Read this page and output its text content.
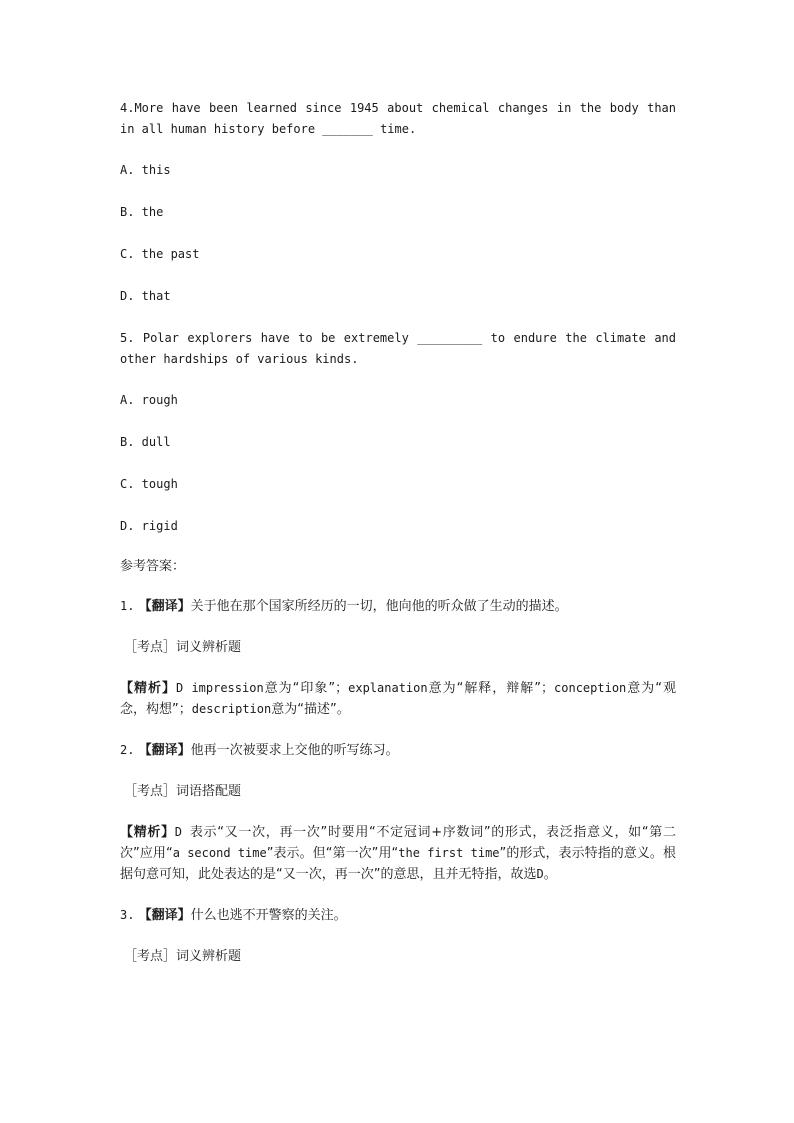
4.More have been learned since 1945 about chemical changes in the body than in all human history before _______ time.

A. this

B. the

C. the past

D. that

5. Polar explorers have to be extremely _________ to endure the climate and other hardships of various kinds.

A. rough

B. dull

C. tough

D. rigid

参考答案：

1. 【翻译】关于他在那个国家所经历的一切，他向他的听众做了生动的描述。

［考点］词义辨析题

【精析】D impression意为“印象”；explanation意为“解释，辩解”；conception意为“观念，构想”；description意为“描述”。

2. 【翻译】他再一次被要求上交他的听写练习。

［考点］词语搭配题

【精析】D 表示“又一次，再一次”时要用“不定冠词+序数词”的形式，表泛指意义，如“第二次”应用“a second time”表示。但“第一次”用“the first time”的形式，表示特指的意义。根据句意可知，此处表达的是“又一次，再一次”的意思，且并无特指，故选D。

3. 【翻译】什么也逃不开警察的关注。

［考点］词义辨析题
